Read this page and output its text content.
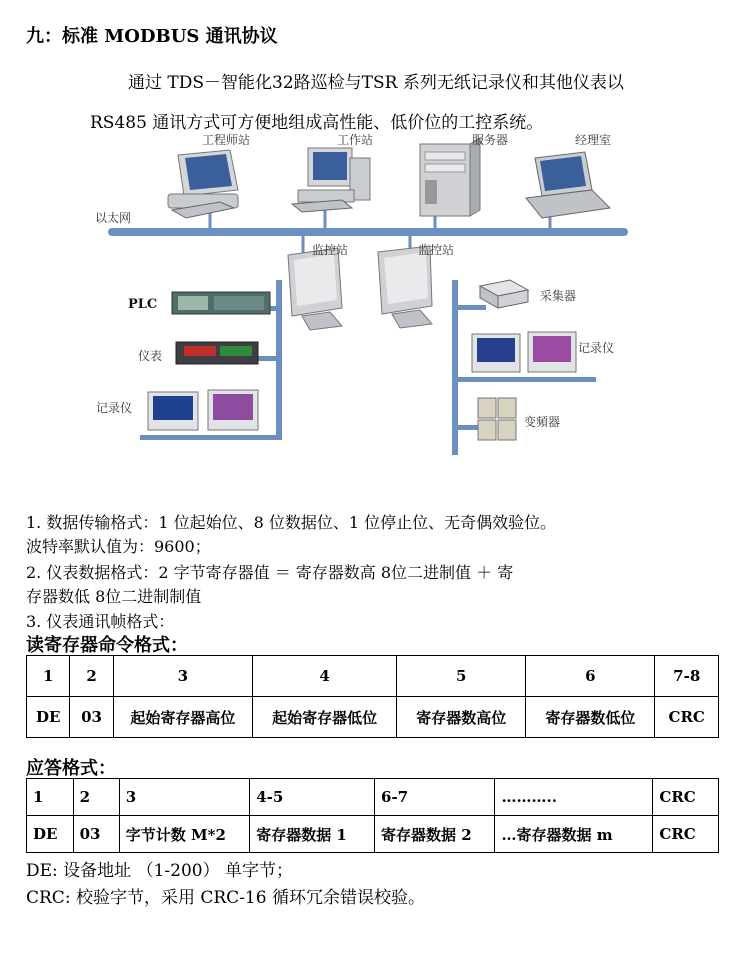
九：标准 MODBUS 通讯协议
通过 TDS－智能化32路巡检与TSR 系列无纸记录仪和其他仪表以
工程师站	工作站	服务器	经理室
以太网
监控站	监控站
PLC
仪表
记录仪
采集器
记录仪
变頻器
RS485 通讯方式可方便地组成高性能、低价位的工控系统。
1. 数据传输格式：1 位起始位、8 位数据位、1 位停止位、无奇偶效验位。
波特率默认值为：9600；
2. 仪表数据格式：2 字节寄存器值 ＝ 寄存器数高 8位二进制值 ＋ 寄
存器数低 8位二进制制值
3. 仪表通讯帧格式：
读寄存器命令格式：
1	2	3	4	5	6	7-8
DE	03	起始寄存器高位	起始寄存器低位	寄存器数高位	寄存器数低位	CRC
应答格式：
1	2	3	4-5	6-7	………..	CRC
DE	03	字节计数 M*2	寄存器数据 1	寄存器数据 2	…寄存器数据 m	CRC
DE: 设备地址 （1-200） 单字节；
CRC: 校验字节，采用 CRC-16 循环冗余错误校验。
